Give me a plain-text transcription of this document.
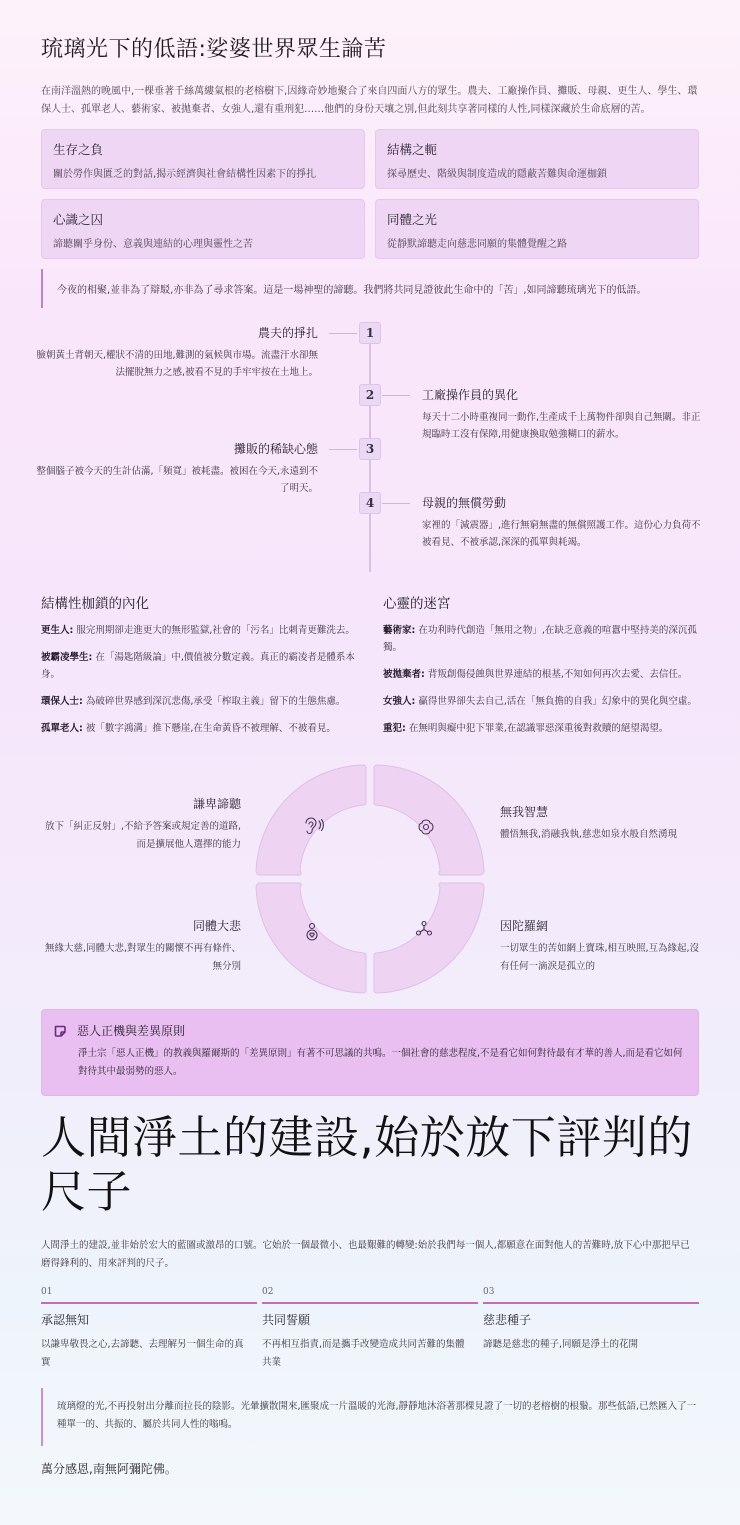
琉璃光下的低語:娑婆世界眾生論苦

在南洋溫熱的晚風中,一棵垂著千絲萬縷氣根的老榕樹下,因緣奇妙地聚合了來自四面八方的眾生。農夫、工廠操作員、攤販、母親、更生人、學生、環保人士、孤單老人、藝術家、被拋棄者、女強人,還有重刑犯……他們的身份天壤之別,但此刻共享著同樣的人性,同樣深藏於生命底層的苦。

生存之負
關於勞作與匱乏的對話,揭示經濟與社會結構性因素下的掙扎
結構之軛
探尋歷史、階級與制度造成的隱蔽苦難與命運枷鎖
心識之囚
諦聽關乎身份、意義與連結的心理與靈性之苦
同體之光
從靜默諦聽走向慈悲同願的集體覺醒之路
今夜的相聚,並非為了辯駁,亦非為了尋求答案。這是一場神聖的諦聽。我們將共同見證彼此生命中的「苦」,如同諦聽琉璃光下的低語。
1
農夫的掙扎
臉朝黃土背朝天,權狀不清的田地,難測的氣候與市場。流盡汗水卻無法擺脫無力之感,被看不見的手牢牢按在土地上。
2	工廠操作員的異化
每天十二小時重複同一動作,生產成千上萬物件卻與自己無關。非正規臨時工沒有保障,用健康換取勉強糊口的薪水。
3
攤販的稀缺心態
整個腦子被今天的生計佔滿,「頻寬」被耗盡。被困在今天,永遠到不了明天。
4	母親的無償勞動
家裡的「減震器」,進行無窮無盡的無償照護工作。這份心力負荷不被看見、不被承認,深深的孤單與耗竭。
結構性枷鎖的內化

更生人: 服完刑期卻走進更大的無形監獄,社會的「污名」比刺青更難洗去。

被霸凌學生: 在「湯匙階級論」中,價值被分數定義。真正的霸凌者是體系本身。

環保人士: 為破碎世界感到深沉悲傷,承受「榨取主義」留下的生態焦慮。

孤單老人: 被「數字鴻溝」推下懸崖,在生命黃昏不被理解、不被看見。

心靈的迷宮

藝術家: 在功利時代創造「無用之物」,在缺乏意義的喧囂中堅持美的深沉孤獨。

被拋棄者: 背叛創傷侵蝕與世界連結的根基,不知如何再次去愛、去信任。

女強人: 贏得世界卻失去自己,活在「無負擔的自我」幻象中的異化與空虛。

重犯: 在無明與癡中犯下罪業,在認識罪惡深重後對救贖的絕望渴望。

謙卑諦聽
放下「糾正反射」,不給予答案或規定善的道路,而是擴展他人選擇的能力
無我智慧
體悟無我,消融我執,慈悲如泉水般自然湧現
同體大悲
無緣大慈,同體大悲,對眾生的關懷不再有條件、無分別
因陀羅網
一切眾生的苦如網上寶珠,相互映照,互為緣起,沒有任何一滴淚是孤立的
惡人正機與差異原則
淨土宗「惡人正機」的教義與羅爾斯的「差異原則」有著不可思議的共鳴。一個社會的慈悲程度,不是看它如何對待最有才華的善人,而是看它如何對待其中最弱勢的惡人。
人間淨土的建設,始於放下評判的尺子

人間淨土的建設,並非始於宏大的藍圖或激昂的口號。它始於一個最微小、也最艱難的轉變:始於我們每一個人,都願意在面對他人的苦難時,放下心中那把早已磨得鋒利的、用來評判的尺子。

01
承認無知
以謙卑敬畏之心,去諦聽、去理解另一個生命的真實
02
共同誓願
不再相互指責,而是攜手改變造成共同苦難的集體共業
03
慈悲種子
諦聽是慈悲的種子,同願是淨土的花開
琉璃燈的光,不再投射出分離而拉長的陰影。光暈擴散開來,匯聚成一片溫暖的光海,靜靜地沐浴著那棵見證了一切的老榕樹的根鬚。那些低語,已然匯入了一種單一的、共振的、屬於共同人性的嗡鳴。

萬分感恩,南無阿彌陀佛。
